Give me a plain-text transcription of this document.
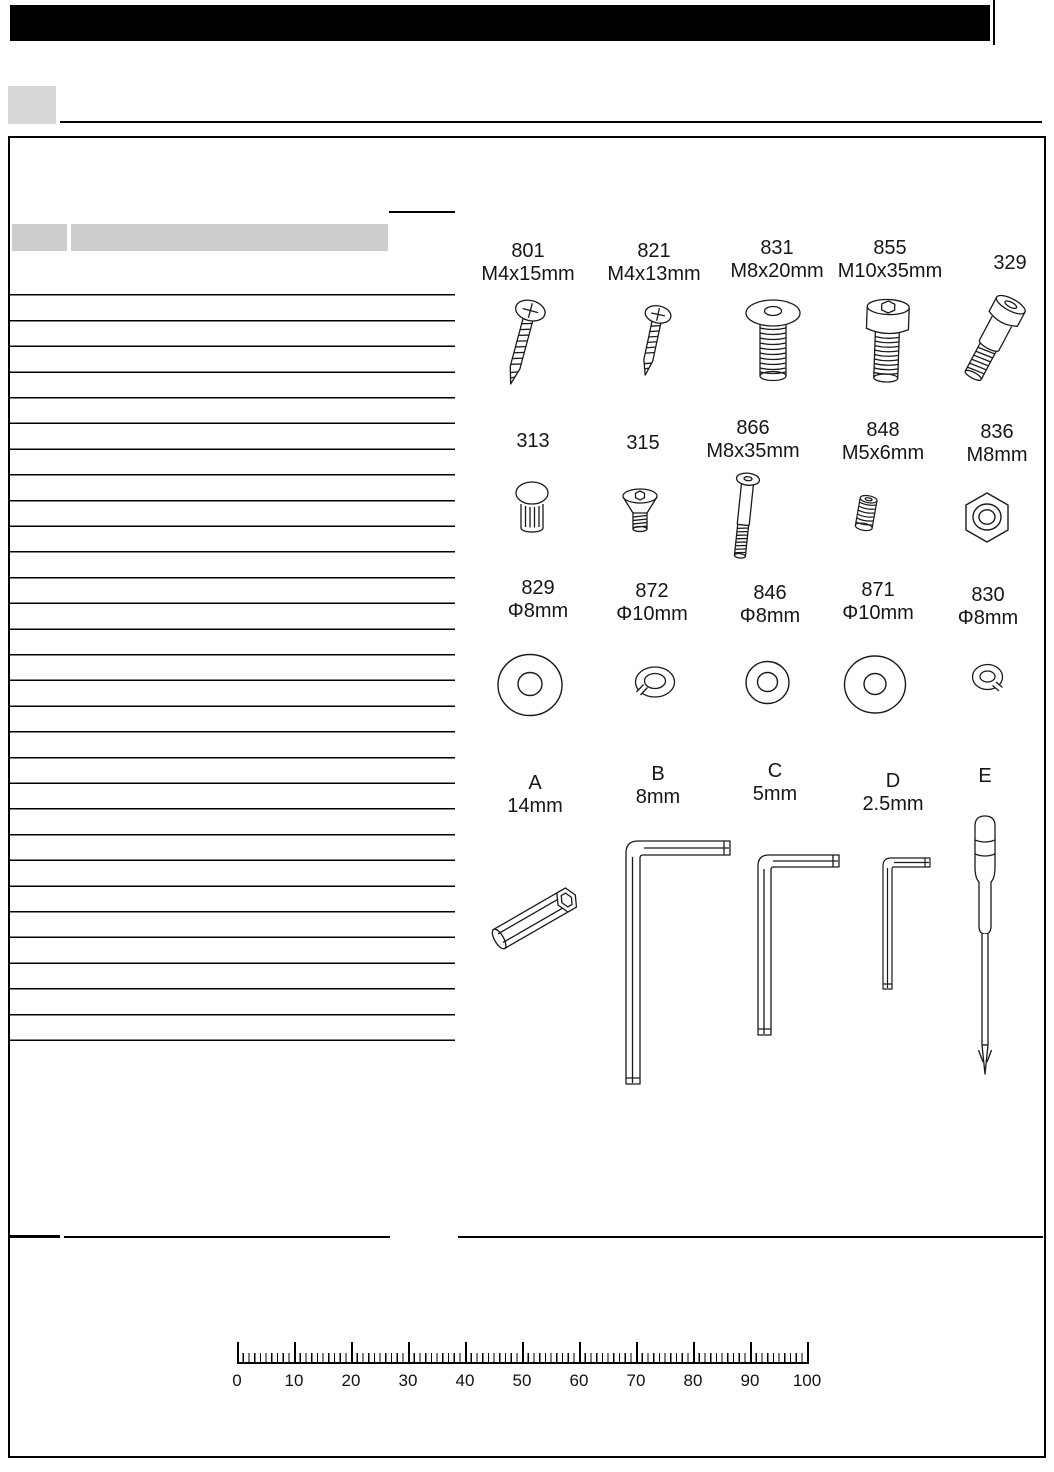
801
M4x15mm
821
M4x13mm
831
M8x20mm
855
M10x35mm	329
313	315
866
M8x35mm
848
M5x6mm
836
M8mm
829
Φ8mm
872
Φ10mm
846
Φ8mm
871
Φ10mm
830
Φ8mm
A
14mm
B
8mm
C
5mm
D
2.5mm
E
0	10	20	30	40	50	60	70	80	90	100
